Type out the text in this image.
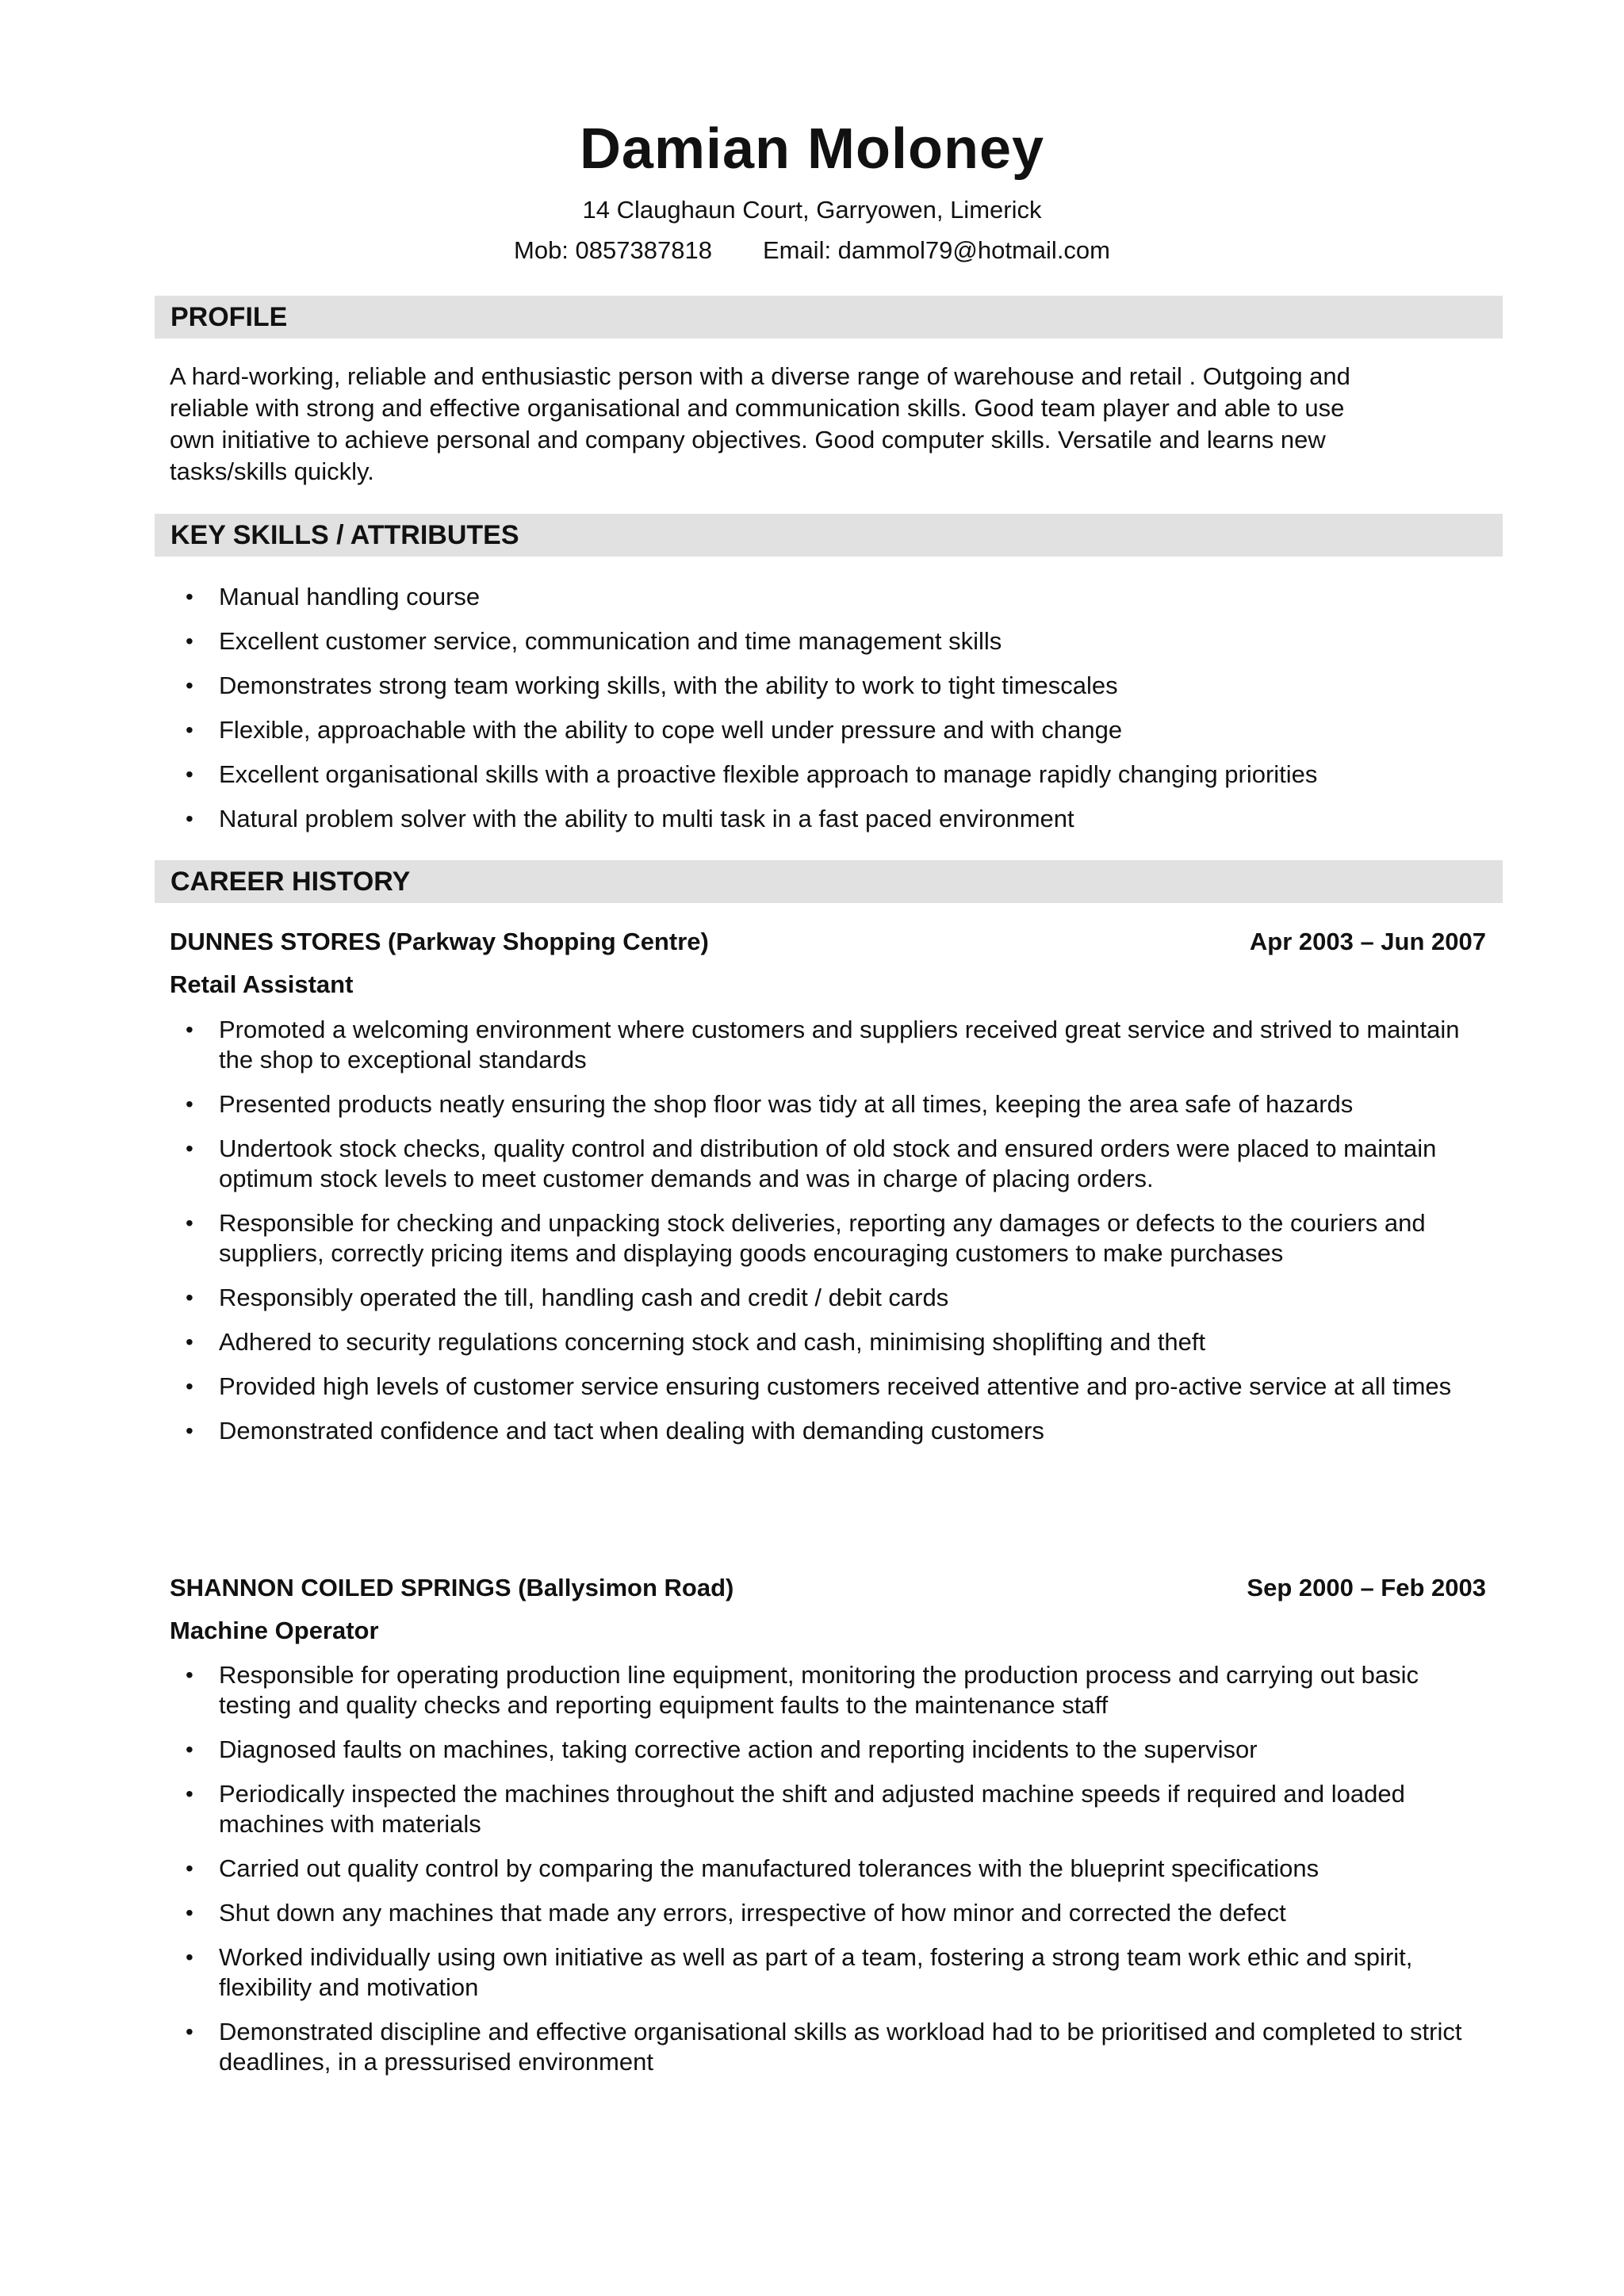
Damian Moloney
14 Claughaun Court, Garryowen, Limerick
Mob: 0857387818 Email: dammol79@hotmail.com
PROFILE

A hard-working, reliable and enthusiastic person with a diverse range of warehouse and retail . Outgoing and

reliable with strong and effective organisational and communication skills. Good team player and able to use

own initiative to achieve personal and company objectives. Good computer skills. Versatile and learns new

tasks/skills quickly.

KEY SKILLS / ATTRIBUTES
• Manual handling course
• Excellent customer service, communication and time management skills
• Demonstrates strong team working skills, with the ability to work to tight timescales
• Flexible, approachable with the ability to cope well under pressure and with change
• Excellent organisational skills with a proactive flexible approach to manage rapidly changing priorities
• Natural problem solver with the ability to multi task in a fast paced environment
CAREER HISTORY
DUNNES STORES (Parkway Shopping Centre)	Apr 2003 – Jun 2007
Retail Assistant
• Promoted a welcoming environment where customers and suppliers received great service and strived to maintain the shop to exceptional standards
• Presented products neatly ensuring the shop floor was tidy at all times, keeping the area safe of hazards
• Undertook stock checks, quality control and distribution of old stock and ensured orders were placed to maintain optimum stock levels to meet customer demands and was in charge of placing orders.
• Responsible for checking and unpacking stock deliveries, reporting any damages or defects to the couriers and suppliers, correctly pricing items and displaying goods encouraging customers to make purchases
• Responsibly operated the till, handling cash and credit / debit cards
• Adhered to security regulations concerning stock and cash, minimising shoplifting and theft
• Provided high levels of customer service ensuring customers received attentive and pro-active service at all times
• Demonstrated confidence and tact when dealing with demanding customers
SHANNON COILED SPRINGS (Ballysimon Road)	Sep 2000 – Feb 2003
Machine Operator
• Responsible for operating production line equipment, monitoring the production process and carrying out basic testing and quality checks and reporting equipment faults to the maintenance staff
• Diagnosed faults on machines, taking corrective action and reporting incidents to the supervisor
• Periodically inspected the machines throughout the shift and adjusted machine speeds if required and loaded machines with materials
• Carried out quality control by comparing the manufactured tolerances with the blueprint specifications
• Shut down any machines that made any errors, irrespective of how minor and corrected the defect
• Worked individually using own initiative as well as part of a team, fostering a strong team work ethic and spirit, flexibility and motivation
• Demonstrated discipline and effective organisational skills as workload had to be prioritised and completed to strict deadlines, in a pressurised environment
